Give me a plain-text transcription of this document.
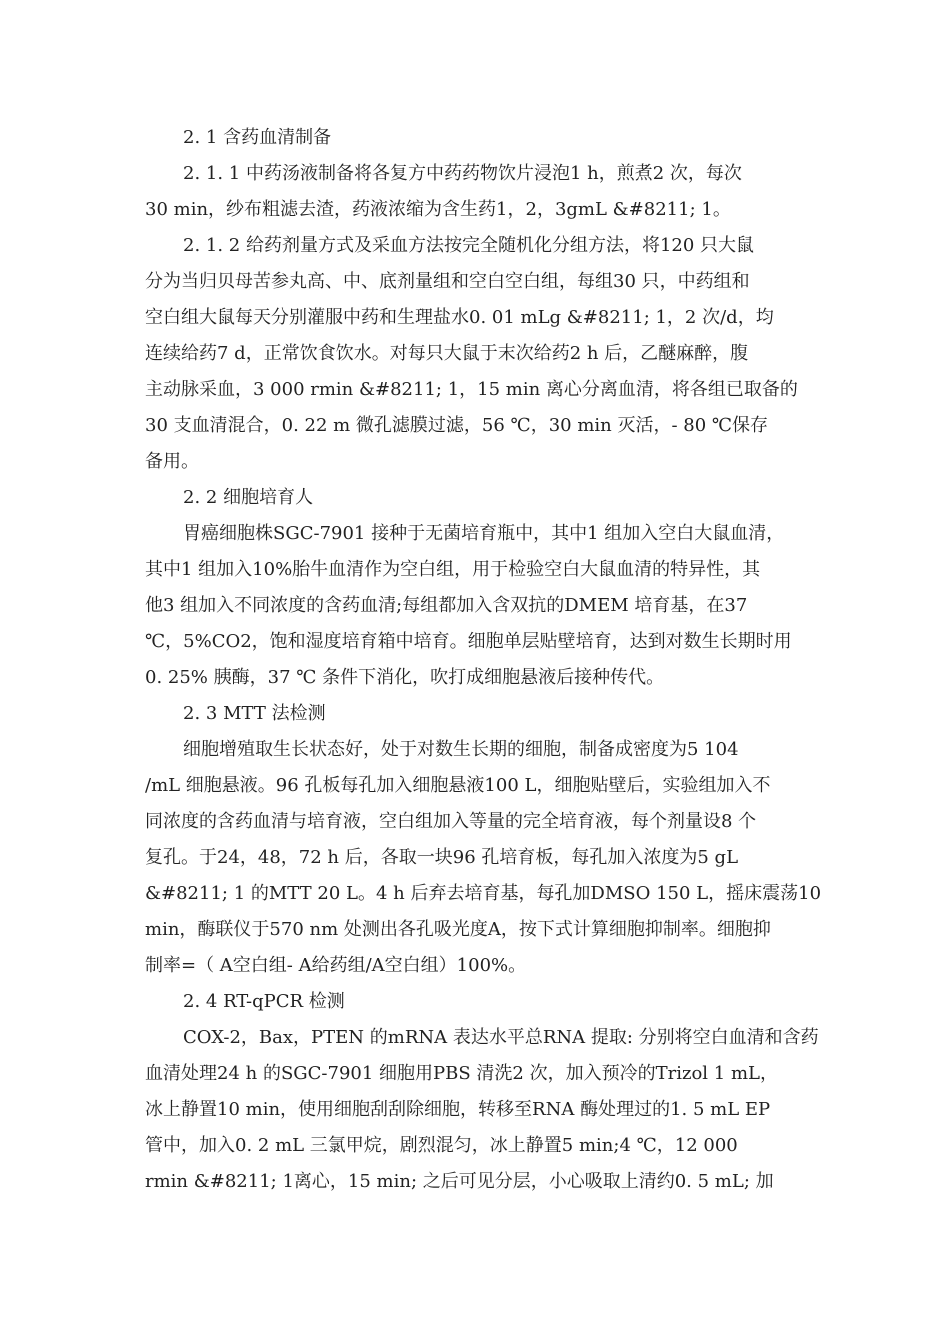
2. 1 含药血清制备
2. 1. 1 中药汤液制备将各复方中药药物饮片浸泡1 h，煎煮2 次，每次
30 min，纱布粗滤去渣，药液浓缩为含生药1，2，3gmL &#8211; 1。
2. 1. 2 给药剂量方式及采血方法按完全随机化分组方法，将120 只大鼠
分为当归贝母苦参丸高、中、底剂量组和空白空白组，每组30 只，中药组和
空白组大鼠每天分别灌服中药和生理盐水0. 01 mLg &#8211; 1，2 次/d，均
连续给药7 d，正常饮食饮水。对每只大鼠于末次给药2 h 后，乙醚麻醉，腹
主动脉采血，3 000 rmin &#8211; 1，15 min 离心分离血清，将各组已取备的
30 支血清混合，0. 22 m 微孔滤膜过滤，56 ℃，30 min 灭活，- 80 ℃保存
备用。
2. 2 细胞培育人
胃癌细胞株SGC-7901 接种于无菌培育瓶中，其中1 组加入空白大鼠血清，
其中1 组加入10%胎牛血清作为空白组，用于检验空白大鼠血清的特异性，其
他3 组加入不同浓度的含药血清;每组都加入含双抗的DMEM 培育基，在37
℃，5%CO2，饱和湿度培育箱中培育。细胞单层贴壁培育，达到对数生长期时用
0. 25% 胰酶，37 ℃ 条件下消化，吹打成细胞悬液后接种传代。
2. 3 MTT 法检测
细胞增殖取生长状态好，处于对数生长期的细胞，制备成密度为5 104
/mL 细胞悬液。96 孔板每孔加入细胞悬液100 L，细胞贴壁后，实验组加入不
同浓度的含药血清与培育液，空白组加入等量的完全培育液，每个剂量设8 个
复孔。于24，48，72 h 后，各取一块96 孔培育板，每孔加入浓度为5 gL
&#8211; 1 的MTT 20 L。4 h 后弃去培育基，每孔加DMSO 150 L，摇床震荡10
min，酶联仪于570 nm 处测出各孔吸光度A，按下式计算细胞抑制率。细胞抑
制率=（ A空白组- A给药组/A空白组）100%。
2. 4 RT-qPCR 检测
COX-2，Bax，PTEN 的mRNA 表达水平总RNA 提取: 分别将空白血清和含药
血清处理24 h 的SGC-7901 细胞用PBS 清洗2 次，加入预冷的Trizol 1 mL，
冰上静置10 min，使用细胞刮刮除细胞，转移至RNA 酶处理过的1. 5 mL EP
管中，加入0. 2 mL 三氯甲烷，剧烈混匀，冰上静置5 min;4 ℃，12 000
rmin &#8211; 1离心，15 min; 之后可见分层，小心吸取上清约0. 5 mL; 加
